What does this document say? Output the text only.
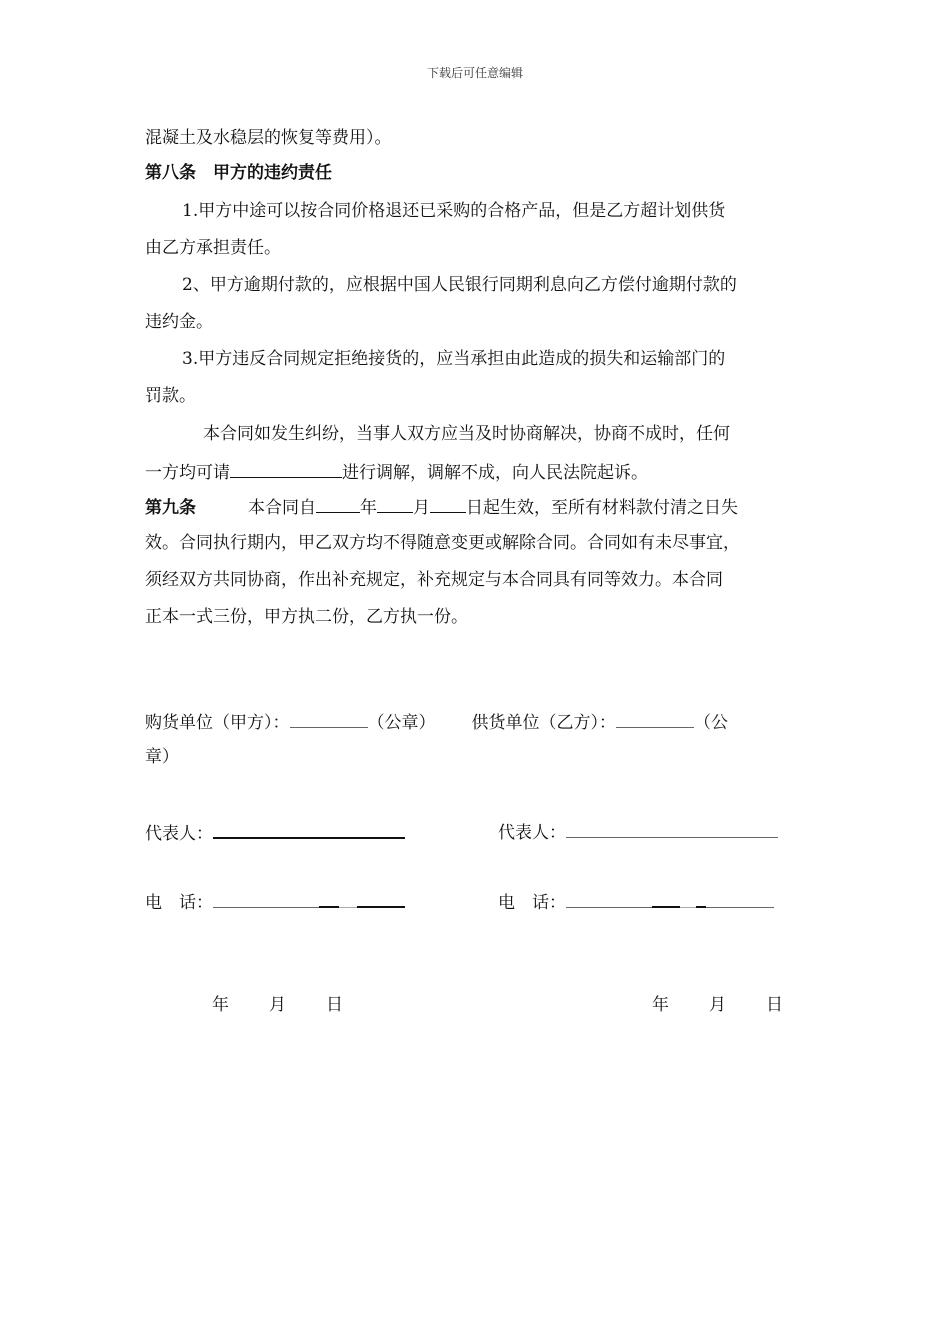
下载后可任意编辑
混凝土及水稳层的恢复等费用）。
第八条　甲方的违约责任
1.甲方中途可以按合同价格退还已采购的合格产品，但是乙方超计划供货
由乙方承担责任。
2、甲方逾期付款的，应根据中国人民银行同期利息向乙方偿付逾期付款的
违约金。
3.甲方违反合同规定拒绝接货的，应当承担由此造成的损失和运输部门的
罚款。
本合同如发生纠纷，当事人双方应当及时协商解决，协商不成时，任何
一方均可请	进行调解，调解不成，向人民法院起诉。
第九条	本合同自	年 月 日起生效，至所有材料款付清之日失
效。合同执行期内，甲乙双方均不得随意变更或解除合同。合同如有未尽事宜，
须经双方共同协商，作出补充规定，补充规定与本合同具有同等效力。本合同
正本一式三份，甲方执二份，乙方执一份。
购货单位（甲方）：	（公章） 供货单位（乙方）：	（公
章）
代表人：	代表人：
电　话：	电　话：
年 月 日	年 月 日
